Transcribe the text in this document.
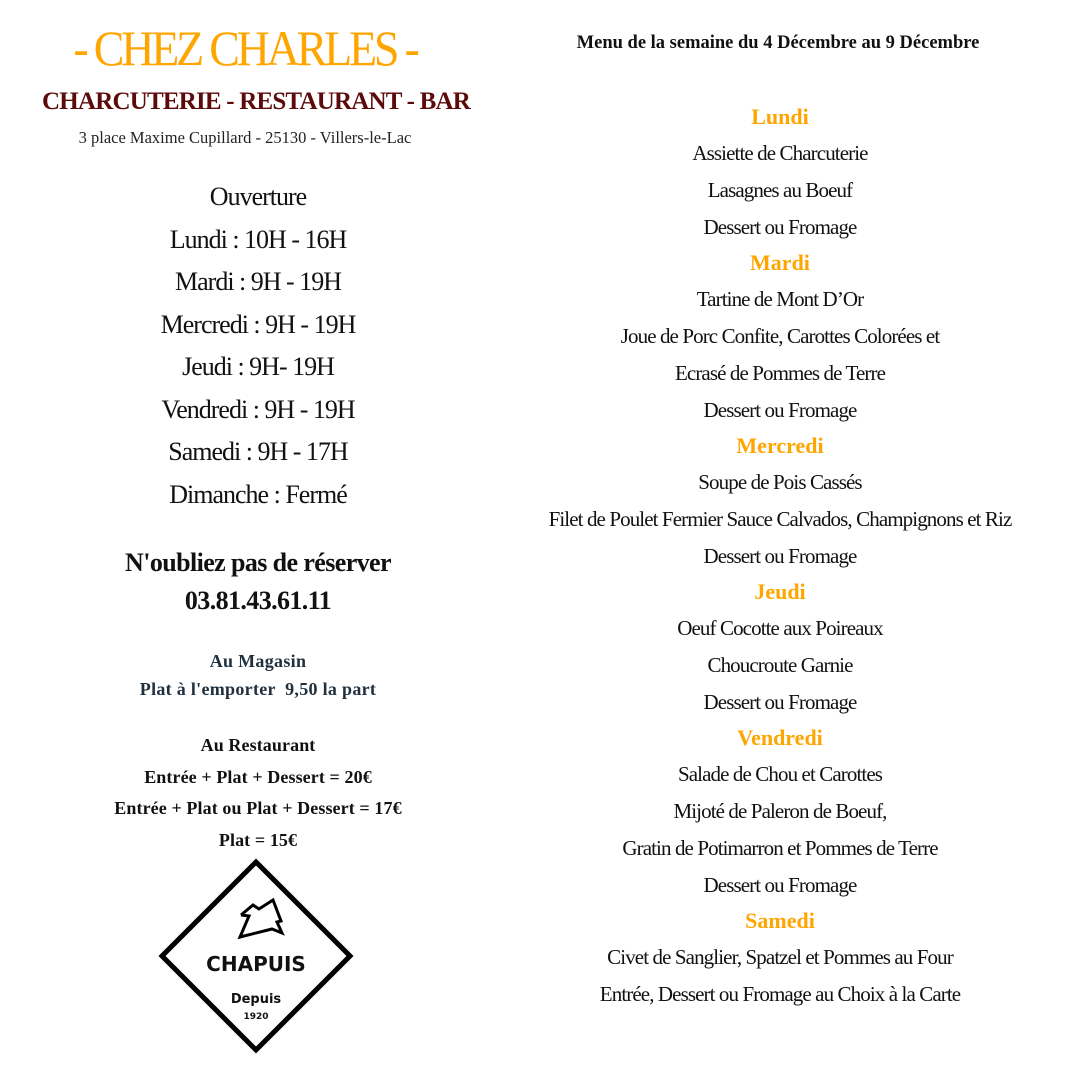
- CHEZ CHARLES -
CHARCUTERIE - RESTAURANT - BAR
3 place Maxime Cupillard - 25130 - Villers-le-Lac
Ouverture
Lundi : 10H - 16H
Mardi : 9H - 19H
Mercredi : 9H - 19H
Jeudi : 9H- 19H
Vendredi : 9H - 19H
Samedi : 9H - 17H
Dimanche : Fermé
N'oubliez pas de réserver
03.81.43.61.11
Au Magasin
Plat à l'emporter  9,50 la part
Au Restaurant
Entrée + Plat + Dessert = 20€
Entrée + Plat ou Plat + Dessert = 17€
Plat = 15€
CHAPUIS
Depuis
1920
Menu de la semaine du 4 Décembre au 9 Décembre
Lundi
Assiette de Charcuterie
Lasagnes au Boeuf
Dessert ou Fromage
Mardi
Tartine de Mont D’Or
Joue de Porc Confite, Carottes Colorées et
Ecrasé de Pommes de Terre
Dessert ou Fromage
Mercredi
Soupe de Pois Cassés
Filet de Poulet Fermier Sauce Calvados, Champignons et Riz
Dessert ou Fromage
Jeudi
Oeuf Cocotte aux Poireaux
Choucroute Garnie
Dessert ou Fromage
Vendredi
Salade de Chou et Carottes
Mijoté de Paleron de Boeuf,
Gratin de Potimarron et Pommes de Terre
Dessert ou Fromage
Samedi
Civet de Sanglier, Spatzel et Pommes au Four
Entrée, Dessert ou Fromage au Choix à la Carte
